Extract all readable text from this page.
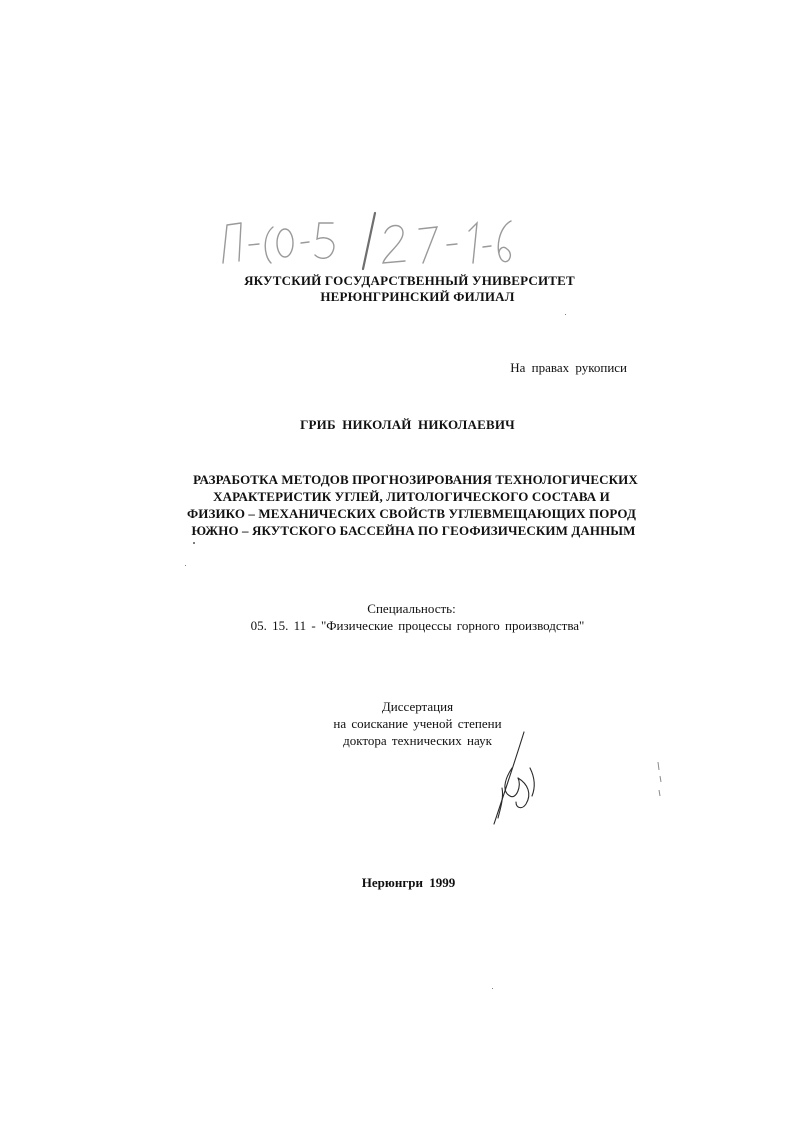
ЯКУТСКИЙ ГОСУДАРСТВЕННЫЙ УНИВЕРСИТЕТ
НЕРЮНГРИНСКИЙ ФИЛИАЛ
На правах рукописи
ГРИБ НИКОЛАЙ НИКОЛАЕВИЧ
РАЗРАБОТКА МЕТОДОВ ПРОГНОЗИРОВАНИЯ ТЕХНОЛОГИЧЕСКИХ
ХАРАКТЕРИСТИК УГЛЕЙ, ЛИТОЛОГИЧЕСКОГО СОСТАВА И
ФИЗИКО – МЕХАНИЧЕСКИХ СВОЙСТВ УГЛЕВМЕЩАЮЩИХ ПОРОД
ЮЖНО – ЯКУТСКОГО БАССЕЙНА ПО ГЕОФИЗИЧЕСКИМ ДАННЫМ
Специальность:
05. 15. 11 - "Физические процессы горного производства"
Диссертация
на соискание ученой степени
доктора технических наук
Нерюнгри 1999
